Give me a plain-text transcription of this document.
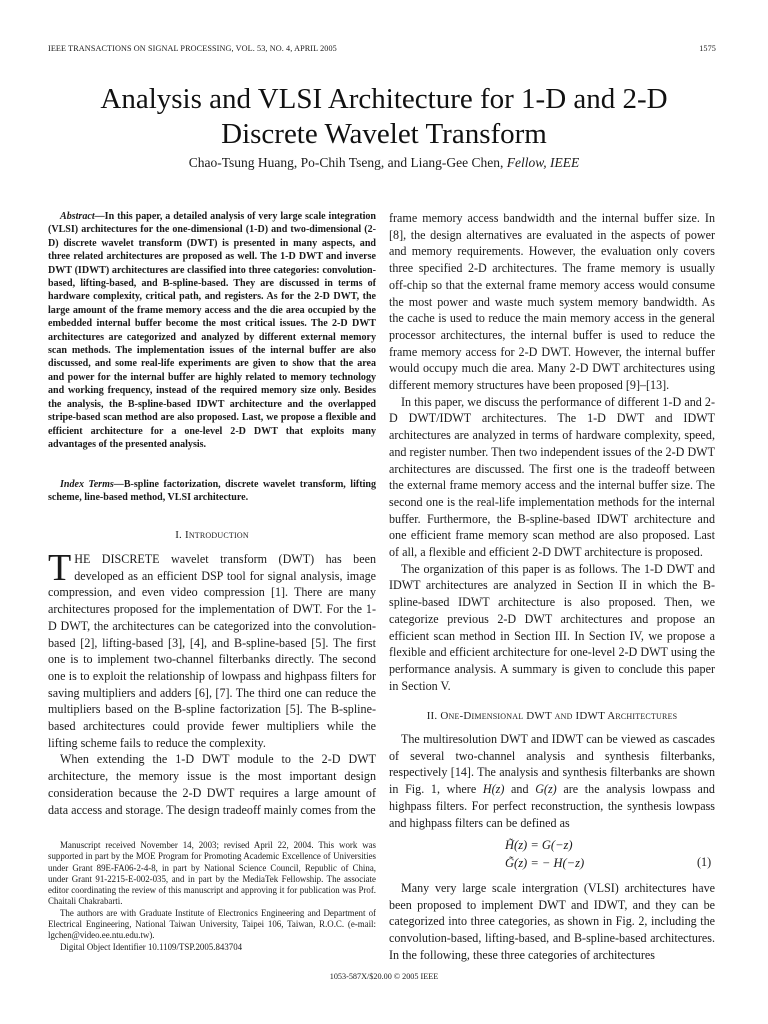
IEEE TRANSACTIONS ON SIGNAL PROCESSING, VOL. 53, NO. 4, APRIL 2005	1575
Analysis and VLSI Architecture for 1-D and 2-D
Discrete Wavelet Transform
Chao-Tsung Huang, Po-Chih Tseng, and Liang-Gee Chen, Fellow, IEEE

Abstract—In this paper, a detailed analysis of very large scale integration (VLSI) architectures for the one-dimensional (1-D) and two-dimensional (2-D) discrete wavelet transform (DWT) is presented in many aspects, and three related architectures are proposed as well. The 1-D DWT and inverse DWT (IDWT) architectures are classified into three categories: convolution-based, lifting-based, and B-spline-based. They are discussed in terms of hardware complexity, critical path, and registers. As for the 2-D DWT, the large amount of the frame memory access and the die area occupied by the embedded internal buffer become the most critical issues. The 2-D DWT architectures are categorized and analyzed by different external memory scan methods. The implementation issues of the internal buffer are also discussed, and some real-life experiments are given to show that the area and power for the internal buffer are highly related to memory technology and working frequency, instead of the required memory size only. Besides the analysis, the B-spline-based IDWT architecture and the overlapped stripe-based scan method are also proposed. Last, we propose a flexible and efficient architecture for a one-level 2-D DWT that exploits many advantages of the presented analysis.

Index Terms—B-spline factorization, discrete wavelet transform, lifting scheme, line-based method, VLSI architecture.

I. Introduction

THE DISCRETE wavelet transform (DWT) has been developed as an efficient DSP tool for signal analysis, image compression, and even video compression [1]. There are many architectures proposed for the implementation of DWT. For the 1-D DWT, the architectures can be categorized into the convolution-based [2], lifting-based [3], [4], and B-spline-based [5]. The first one is to implement two-channel filterbanks directly. The second one is to exploit the relationship of lowpass and highpass filters for saving multipliers and adders [6], [7]. The third one can reduce the multipliers based on the B-spline factorization [5]. The B-spline-based architectures could provide fewer multipliers while the lifting scheme fails to reduce the complexity.

When extending the 1-D DWT module to the 2-D DWT architecture, the memory issue is the most important design consideration because the 2-D DWT requires a large amount of data access and storage. The design tradeoff mainly comes from the

Manuscript received November 14, 2003; revised April 22, 2004. This work was supported in part by the MOE Program for Promoting Academic Excellence of Universities under Grant 89E-FA06-2-4-8, in part by National Science Council, Republic of China, under Grant 91-2215-E-002-035, and in part by the MediaTek Fellowship. The associate editor coordinating the review of this manuscript and approving it for publication was Prof. Chaitali Chakrabarti.

The authors are with Graduate Institute of Electronics Engineering and Department of Electrical Engineering, National Taiwan University, Taipei 106, Taiwan, R.O.C. (e-mail: lgchen@video.ee.ntu.edu.tw).

Digital Object Identifier 10.1109/TSP.2005.843704

frame memory access bandwidth and the internal buffer size. In [8], the design alternatives are evaluated in the aspects of power and memory requirements. However, the evaluation only covers three specified 2-D architectures. The frame memory is usually off-chip so that the external frame memory access would consume the most power and waste much system memory bandwidth. As the cache is used to reduce the main memory access in the general processor architectures, the internal buffer is used to reduce the frame memory access for 2-D DWT. However, the internal buffer would occupy much die area. Many 2-D DWT architectures using different memory structures have been proposed [9]–[13].

In this paper, we discuss the performance of different 1-D and 2-D DWT/IDWT architectures. The 1-D DWT and IDWT architectures are analyzed in terms of hardware complexity, speed, and register number. Then two independent issues of the 2-D DWT architectures are discussed. The first one is the tradeoff between the external frame memory access and the internal buffer size. The second one is the real-life implementation methods for the internal buffer. Furthermore, the B-spline-based IDWT architecture and one efficient frame memory scan method are also proposed. Last of all, a flexible and efficient 2-D DWT architecture is proposed.

The organization of this paper is as follows. The 1-D DWT and IDWT architectures are analyzed in Section II in which the B-spline-based IDWT architecture is also proposed. Then, we categorize previous 2-D DWT architectures and propose an efficient scan method in Section III. In Section IV, we propose a flexible and efficient architecture for one-level 2-D DWT using the performance analysis. A summary is given to conclude this paper in Section V.

II. One-Dimensional DWT and IDWT Architectures

The multiresolution DWT and IDWT can be viewed as cascades of several two-channel analysis and synthesis filterbanks, respectively [14]. The analysis and synthesis filterbanks are shown in Fig. 1, where H(z) and G(z) are the analysis lowpass and highpass filters. For perfect reconstruction, the synthesis lowpass and highpass filters can be defined as

H̃(z) = G(−z)
G̃(z) = − H(−z)	(1)

Many very large scale intergration (VLSI) architectures have been proposed to implement DWT and IDWT, and they can be categorized into three categories, as shown in Fig. 2, including the convolution-based, lifting-based, and B-spline-based architectures. In the following, these three categories of architectures

1053-587X/$20.00 © 2005 IEEE
